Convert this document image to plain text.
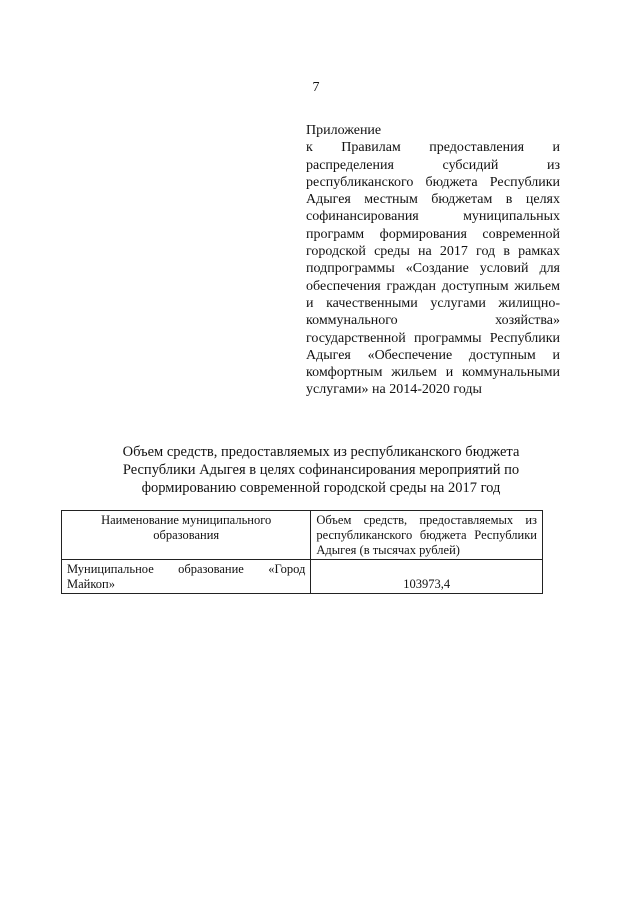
7
Приложение
к Правилам предоставления и распределения субсидий из республиканского бюджета Республики Адыгея местным бюджетам в целях софинансирования муниципальных программ формирования современной городской среды на 2017 год в рамках подпрограммы «Создание условий для обеспечения граждан доступным жильем и качественными услугами жилищно-коммунального хозяйства» государственной программы Республики Адыгея «Обеспечение доступным и комфортным жильем и коммунальными услугами» на 2014-2020 годы
Объем средств, предоставляемых из республиканского бюджета
Республики Адыгея в целях софинансирования мероприятий по
формированию современной городской среды на 2017 год
Наименование муниципального образования	Объем средств, предоставляемых из республиканского бюджета Республики Адыгея (в тысячах рублей)
Муниципальное образование «Город Майкоп»	103973,4
